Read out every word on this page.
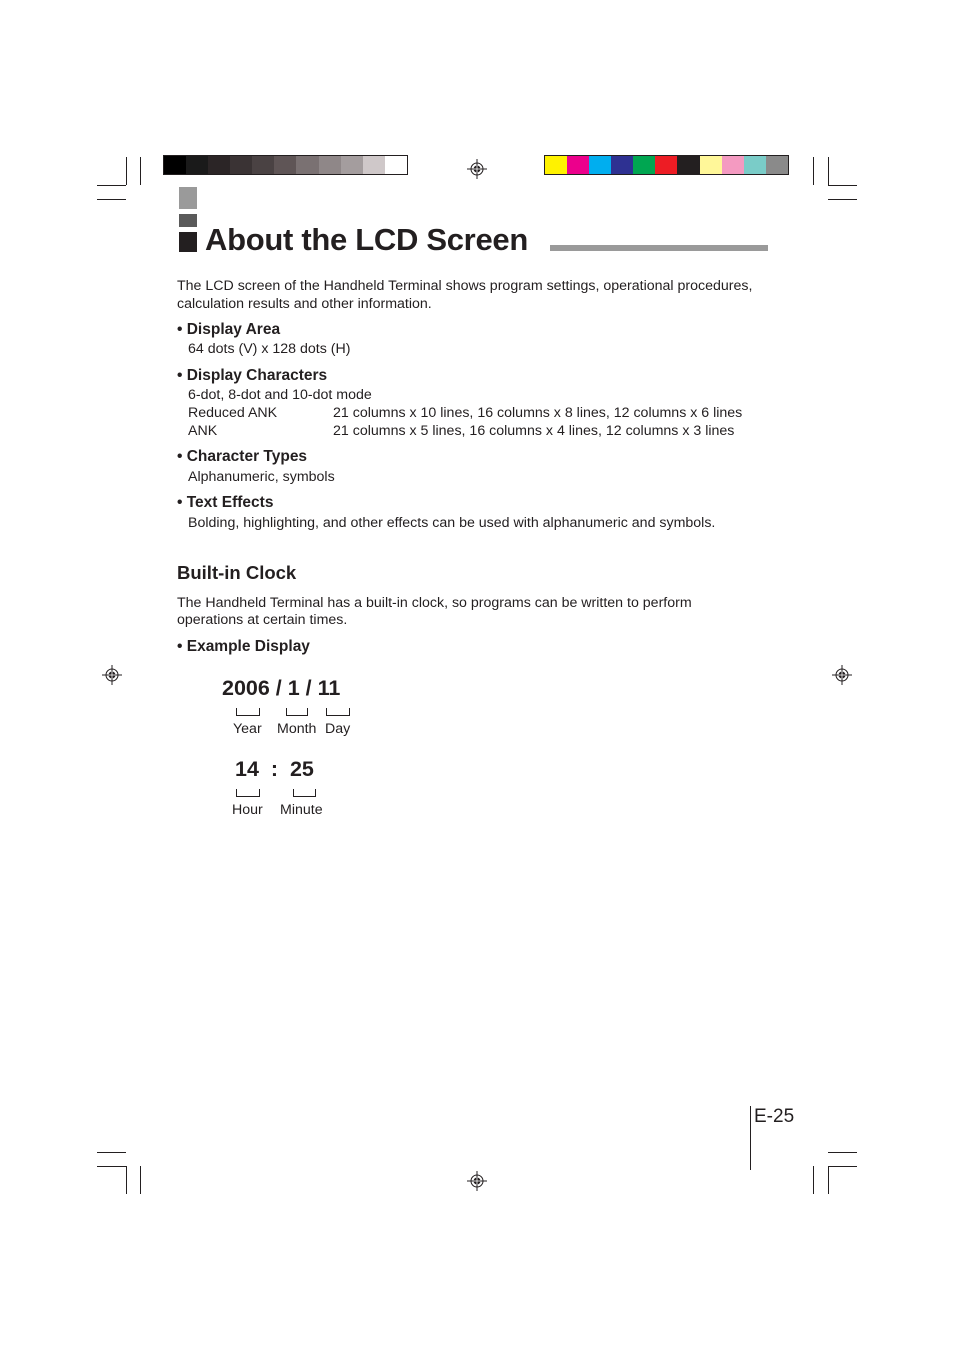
About the LCD Screen
The LCD screen of the Handheld Terminal shows program settings, operational procedures,
calculation results and other information.
• Display Area
64 dots (V) x 128 dots (H)
• Display Characters
6-dot, 8-dot and 10-dot mode
Reduced ANK	21 columns x 10 lines, 16 columns x 8 lines, 12 columns x 6 lines
ANK	21 columns x 5 lines, 16 columns x 4 lines, 12 columns x 3 lines
• Character Types
Alphanumeric, symbols
• Text Effects
Bolding, highlighting, and other effects can be used with alphanumeric and symbols.
Built-in Clock
The Handheld Terminal has a built-in clock, so programs can be written to perform
operations at certain times.
• Example Display
2006 / 1 / 11
Year Month Day
14  :  25
Hour Minute
E-25
